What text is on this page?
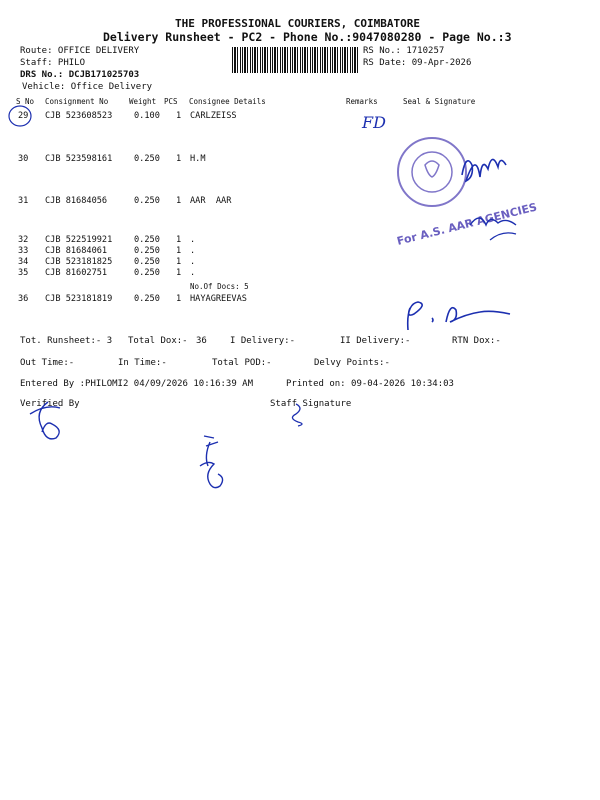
THE PROFESSIONAL COURIERS, COIMBATORE
Delivery Runsheet - PC2 - Phone No.:9047080280 - Page No.:3
Route: OFFICE DELIVERY
Staff: PHILO
DRS No.: DCJB171025703
Vehicle: Office Delivery
RS No.: 1710257
RS Date: 09-Apr-2026
S No Consignment No	Weight PCS Consignee Details	Remarks	Seal & Signature
29 CJB 523608523	0.100 1 CARLZEISS
30 CJB 523598161	0.250 1 H.M
31 CJB 81684056	0.250 1 AAR  AAR
32 CJB 522519921	0.250 1 .
33 CJB 81684061	0.250 1 .
34 CJB 523181825	0.250 1 .
35 CJB 81602751	0.250 1 .
No.Of Docs: 5
36 CJB 523181819	0.250 1 HAYAGREEVAS
Tot. Runsheet:- 3 Total Dox:- 36	I Delivery:-	II Delivery:-	RTN Dox:-
Out Time:-	In Time:-	Total POD:-	Delvy Points:-
Entered By :PHILOMI2 04/09/2026 10:16:39 AM	Printed on: 09-04-2026 10:34:03
Verified By	Staff Signature
FD
For A.S. AAR AGENCIES
